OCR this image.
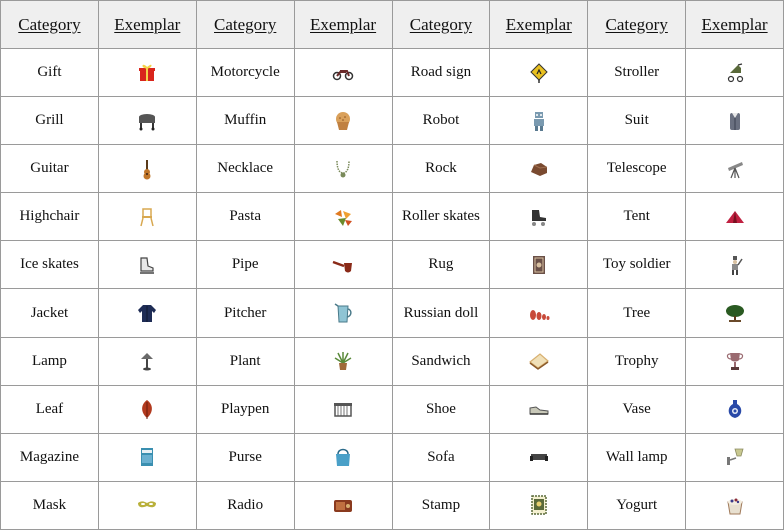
Category	Exemplar	Category	Exemplar	Category	Exemplar	Category	Exemplar
Gift		Motorcycle		Road sign		Stroller	

Grill		Muffin		Robot		Suit	

Guitar		Necklace		Rock		Telescope	

Highchair		Pasta		Roller skates		Tent	

Ice skates		Pipe		Rug		Toy soldier	

Jacket		Pitcher		Russian doll		Tree	

Lamp		Plant		Sandwich		Trophy	

Leaf		Playpen		Shoe		Vase	

Magazine		Purse		Sofa		Wall lamp	

Mask		Radio		Stamp		Yogurt	
